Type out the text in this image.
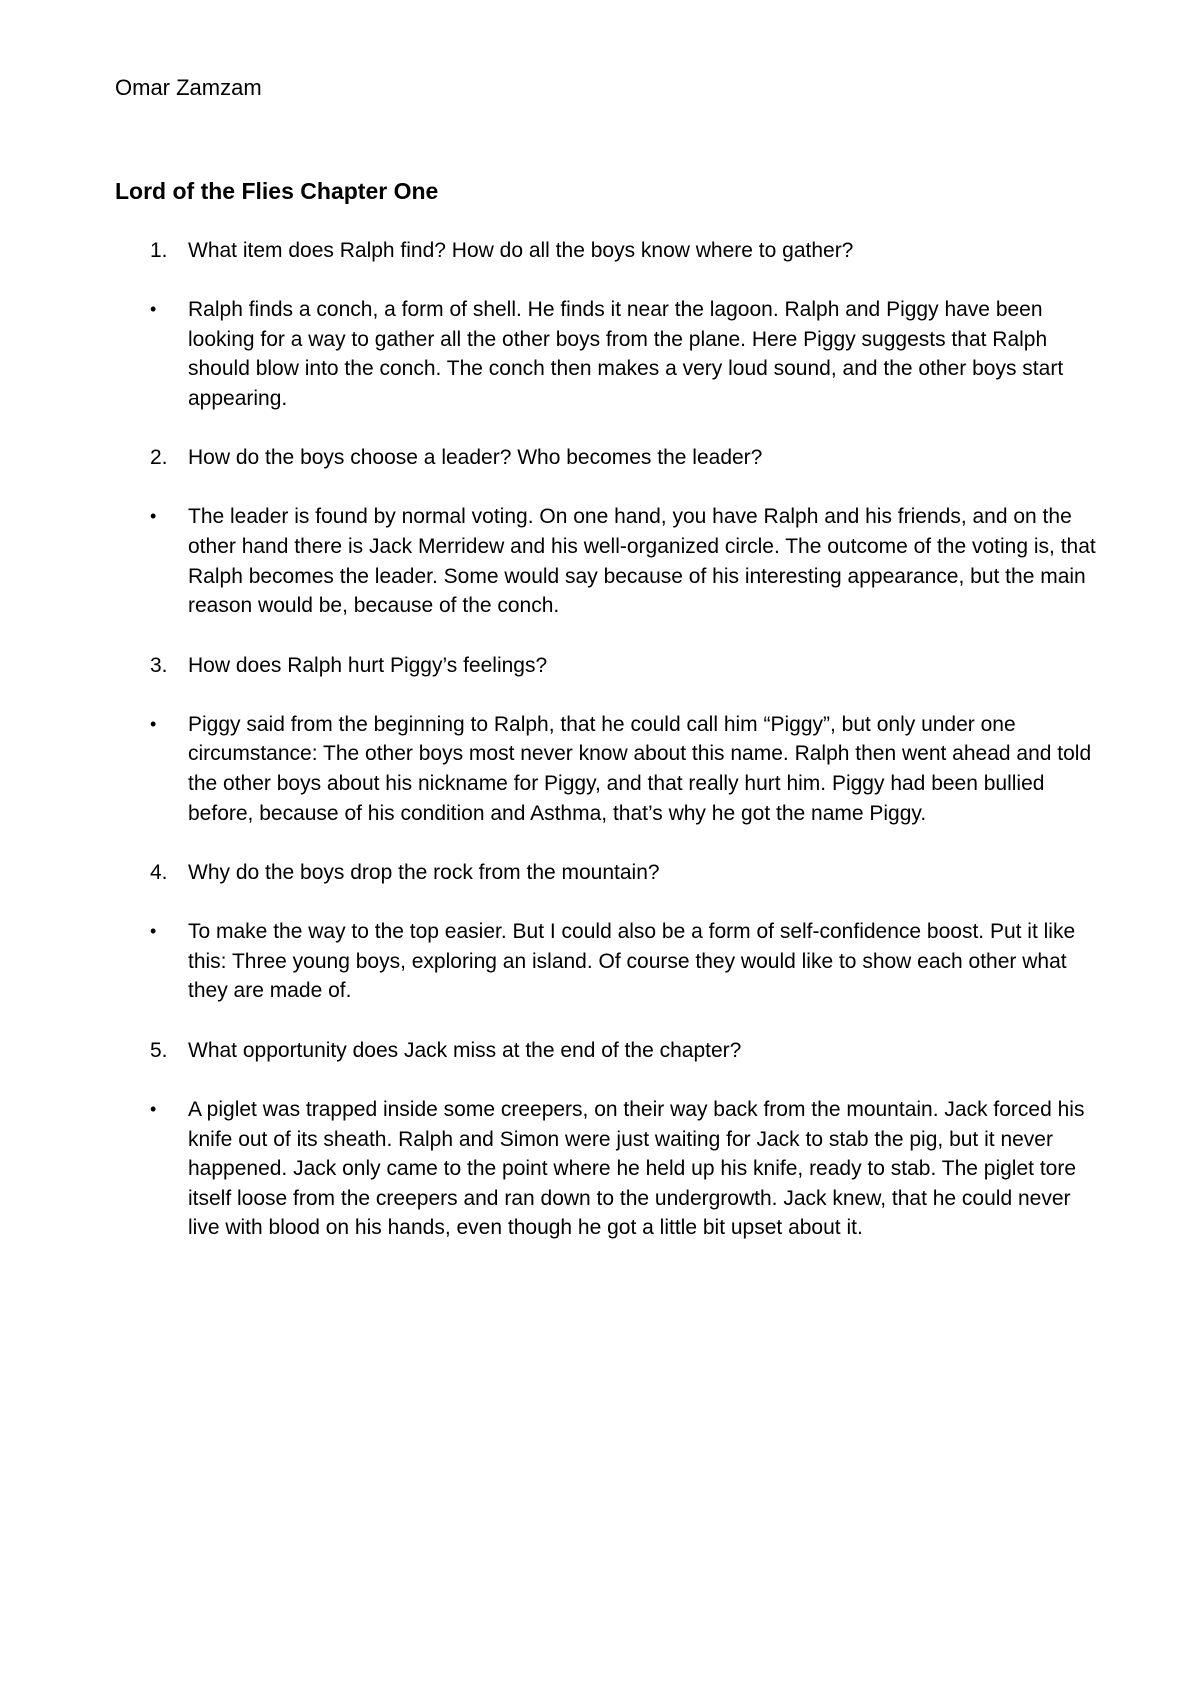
Omar Zamzam
Lord of the Flies Chapter One
1. What item does Ralph find? How do all the boys know where to gather?
•	Ralph finds a conch, a form of shell. He finds it near the lagoon. Ralph and Piggy have been looking for a way to gather all the other boys from the plane. Here Piggy suggests that Ralph should blow into the conch. The conch then makes a very loud sound, and the other boys start appearing.
2. How do the boys choose a leader? Who becomes the leader?
•	The leader is found by normal voting. On one hand, you have Ralph and his friends, and on the other hand there is Jack Merridew and his well-organized circle. The outcome of the voting is, that Ralph becomes the leader. Some would say because of his interesting appearance, but the main reason would be, because of the conch.
3. How does Ralph hurt Piggy’s feelings?
•	Piggy said from the beginning to Ralph, that he could call him “Piggy”, but only under one circumstance: The other boys most never know about this name. Ralph then went ahead and told the other boys about his nickname for Piggy, and that really hurt him. Piggy had been bullied before, because of his condition and Asthma, that’s why he got the name Piggy.
4. Why do the boys drop the rock from the mountain?
•	To make the way to the top easier. But I could also be a form of self-confidence boost. Put it like this: Three young boys, exploring an island. Of course they would like to show each other what they are made of.
5. What opportunity does Jack miss at the end of the chapter?
•	A piglet was trapped inside some creepers, on their way back from the mountain. Jack forced his knife out of its sheath. Ralph and Simon were just waiting for Jack to stab the pig, but it never happened. Jack only came to the point where he held up his knife, ready to stab. The piglet tore itself loose from the creepers and ran down to the undergrowth. Jack knew, that he could never live with blood on his hands, even though he got a little bit upset about it.
